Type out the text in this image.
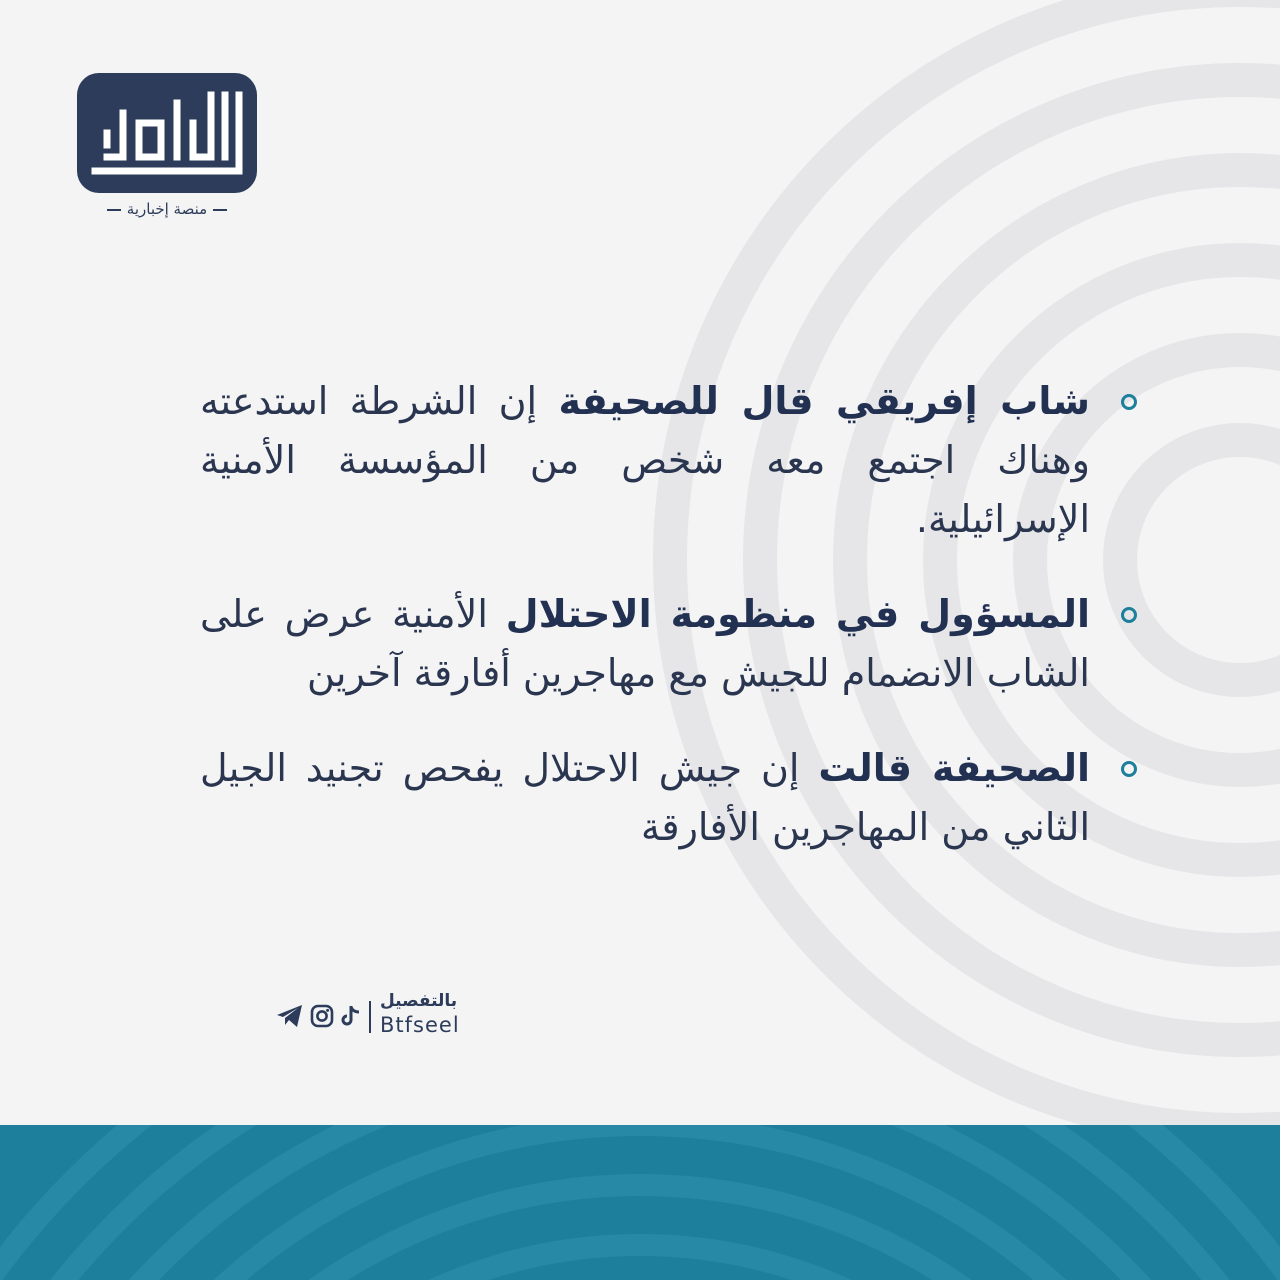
منصة إخبارية
شاب إفريقي قال للصحيفة إن الشرطة استدعته وهناك اجتمع معه شخص من المؤسسة الأمنية الإسرائيلية.
المسؤول في منظومة الاحتلال الأمنية عرض على الشاب الانضمام للجيش مع مهاجرين أفارقة آخرين
الصحيفة قالت إن جيش الاحتلال يفحص تجنيد الجيل الثاني من المهاجرين الأفارقة
بالتفصيل
Btfseel
